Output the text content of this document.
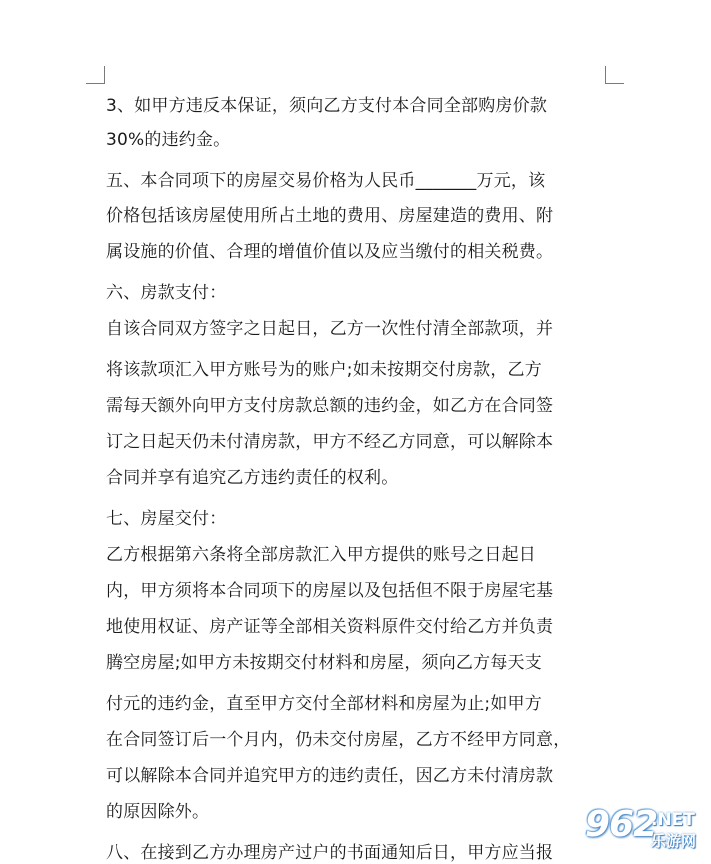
3、如甲方违反本保证，须向乙方支付本合同全部购房价款
30%的违约金。
五、本合同项下的房屋交易价格为人民币_______万元，该
价格包括该房屋使用所占土地的费用、房屋建造的费用、附
属设施的价值、合理的增值价值以及应当缴付的相关税费。
六、房款支付：
自该合同双方签字之日起日，乙方一次性付清全部款项，并
将该款项汇入甲方账号为的账户;如未按期交付房款，乙方
需每天额外向甲方支付房款总额的违约金，如乙方在合同签
订之日起天仍未付清房款，甲方不经乙方同意，可以解除本
合同并享有追究乙方违约责任的权利。
七、房屋交付：
乙方根据第六条将全部房款汇入甲方提供的账号之日起日
内，甲方须将本合同项下的房屋以及包括但不限于房屋宅基
地使用权证、房产证等全部相关资料原件交付给乙方并负责
腾空房屋;如甲方未按期交付材料和房屋，须向乙方每天支
付元的违约金，直至甲方交付全部材料和房屋为止;如甲方
在合同签订后一个月内，仍未交付房屋，乙方不经甲方同意，
可以解除本合同并追究甲方的违约责任，因乙方未付清房款
的原因除外。
八、在接到乙方办理房产过户的书面通知后日，甲方应当报
962
.NET
乐游网
